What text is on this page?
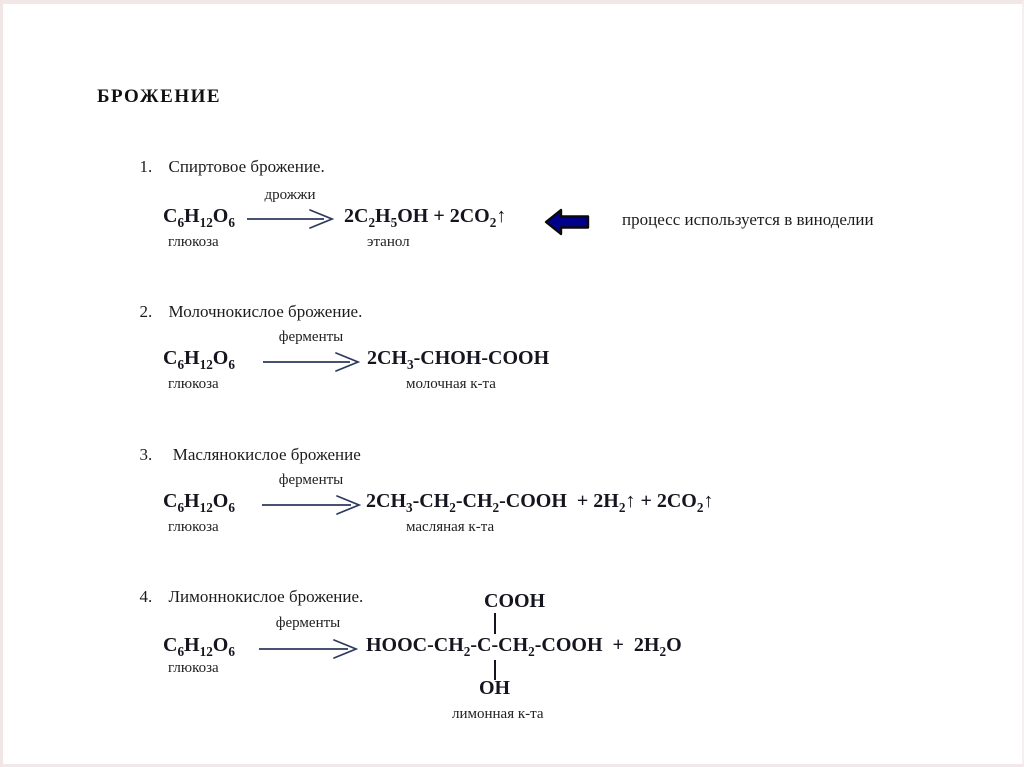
БРОЖЕНИЕ

1. Спиртовое брожение.

дрожжи
$C_6H_{12}O_6$	$2C_2H_5OH$ + $2CO_2↑$
глюкоза	этанол
процесс используется в виноделии

2. Молочнокислое брожение.

ферменты
$C_6H_{12}O_6$	$2CH_3-CHOH$-COOH
глюкоза	молочная к-та

3. Маслянокислое брожение

ферменты
$C_6H_{12}O_6$	$2CH_3-CH_2-CH_2$-COOH  + $2H_2↑$ + $2CO_2↑$
глюкоза	масляная к-та

4. Лимоннокислое брожение.	COOH
ферменты
$C_6H_{12}O_6$	HOOC-$CH_2-C-CH_2$-COOH  +  $2H_2O$
глюкоза
OH
лимонная к-та
